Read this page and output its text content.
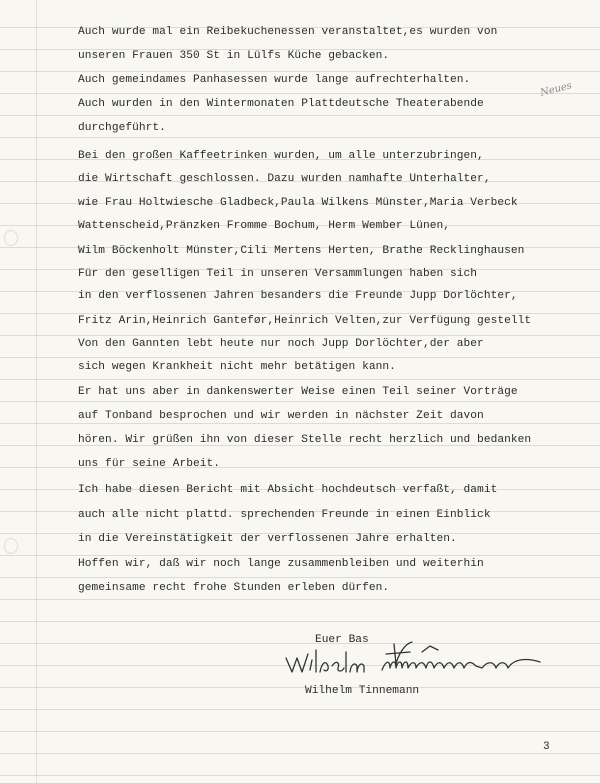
Auch wurde mal ein Reibekuchenessen veranstaltet,es wurden von
unseren Frauen 350 St in Lülfs Küche gebacken.
Auch gemeindames Panhasessen wurde lange aufrechterhalten.
Auch wurden in den Wintermonaten Plattdeutsche Theaterabende
durchgeführt.
Bei den großen Kaffeetrinken wurden, um alle unterzubringen,
die Wirtschaft geschlossen. Dazu wurden namhafte Unterhalter,
wie Frau Holtwiesche Gladbeck,Paula Wilkens Münster,Maria Verbeck
Wattenscheid,Pränzken Fromme Bochum, Herm Wember Lünen,
Wilm Böckenholt Münster,Cili Mertens Herten, Brathe Recklinghausen
Für den geselligen Teil in unseren Versammlungen haben sich
in den verflossenen Jahren besanders die Freunde Jupp Dorlöchter,
Fritz Arin,Heinrich Gantefør,Heinrich Velten,zur Verfügung gestellt
Von den Gannten lebt heute nur noch Jupp Dorlöchter,der aber
sich wegen Krankheit nicht mehr betätigen kann.
Er hat uns aber in dankenswerter Weise einen Teil seiner Vorträge
auf Tonband besprochen und wir werden in nächster Zeit davon
hören. Wir grüßen ihn von dieser Stelle recht herzlich und bedanken
uns für seine Arbeit.
Ich habe diesen Bericht mit Absicht hochdeutsch verfaßt, damit
auch alle nicht plattd. sprechenden Freunde in einen Einblick
in die Vereinstätigkeit der verflossenen Jahre erhalten.
Hoffen wir, daß wir noch lange zusammenbleiben und weiterhin
gemeinsame recht frohe Stunden erleben dürfen.
Neues
Euer Bas
Wilhelm Tinnemann
3
